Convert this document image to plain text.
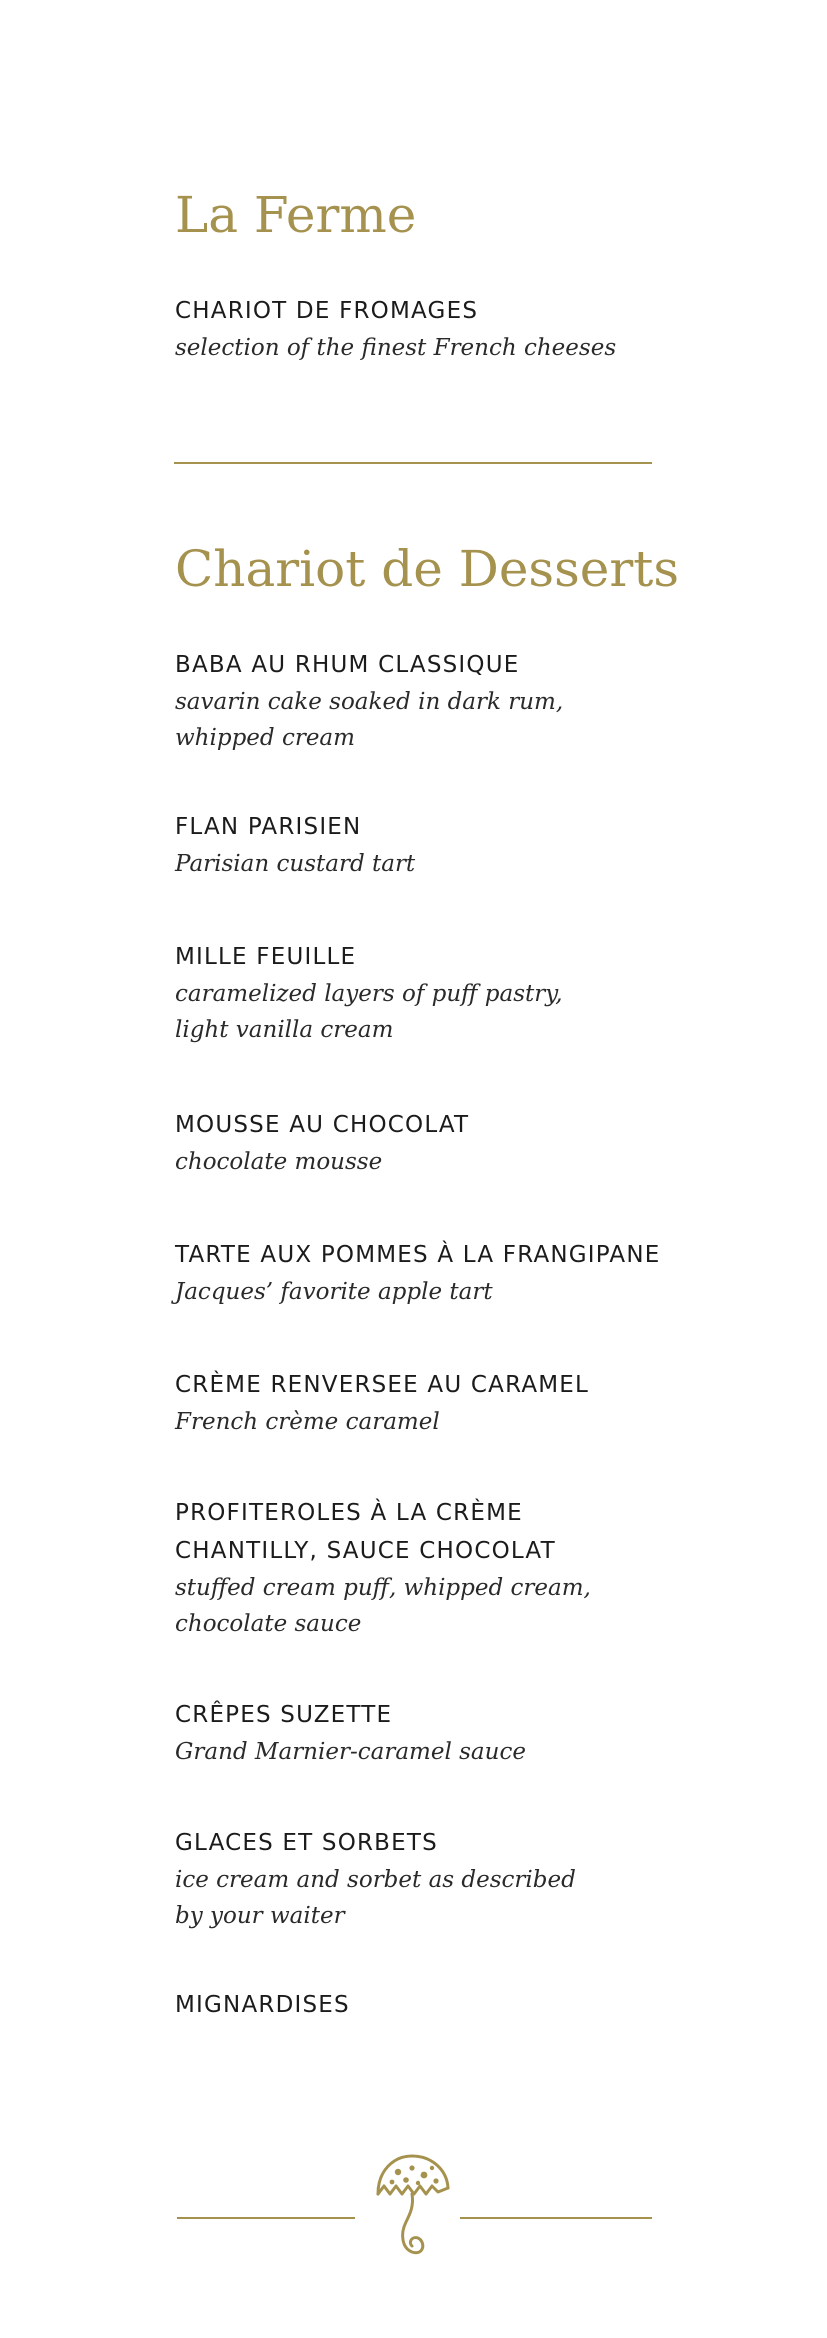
La Ferme
CHARIOT DE FROMAGES
selection of the finest French cheeses
Chariot de Desserts
BABA AU RHUM CLASSIQUE
savarin cake soaked in dark rum,
whipped cream
FLAN PARISIEN
Parisian custard tart
MILLE FEUILLE
caramelized layers of puff pastry,
light vanilla cream
MOUSSE AU CHOCOLAT
chocolate mousse
TARTE AUX POMMES À LA FRANGIPANE
Jacques’ favorite apple tart
CRÈME RENVERSEE AU CARAMEL
French crème caramel
PROFITEROLES À LA CRÈME
CHANTILLY, SAUCE CHOCOLAT
stuffed cream puff, whipped cream,
chocolate sauce
CRÊPES SUZETTE
Grand Marnier-caramel sauce
GLACES ET SORBETS
ice cream and sorbet as described
by your waiter
MIGNARDISES
